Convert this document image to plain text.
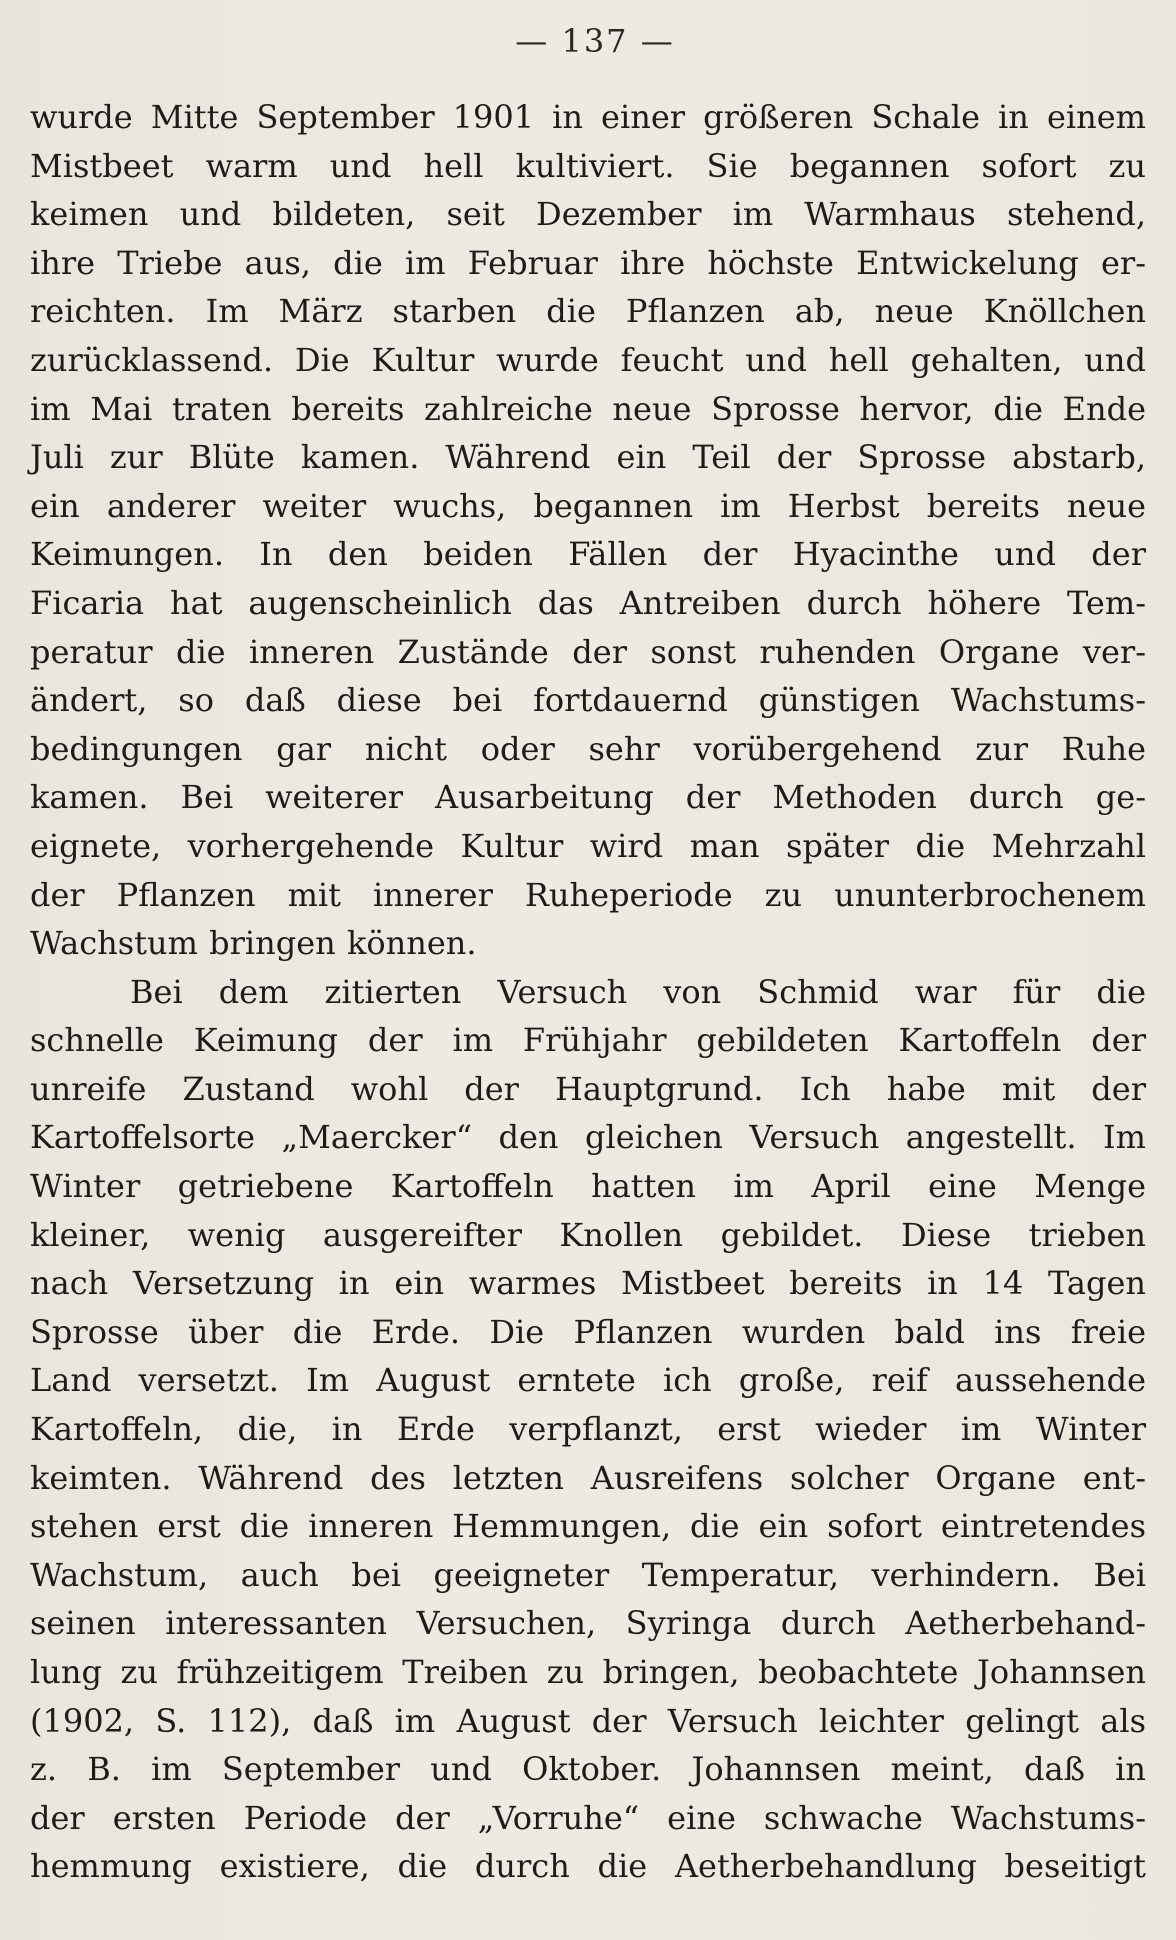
— 137 —
wurde Mitte September 1901 in einer größeren Schale in einem
Mistbeet warm und hell kultiviert. Sie begannen sofort zu
keimen und bildeten, seit Dezember im Warmhaus stehend,
ihre Triebe aus, die im Februar ihre höchste Entwickelung er-
reichten. Im März starben die Pflanzen ab, neue Knöllchen
zurücklassend. Die Kultur wurde feucht und hell gehalten, und
im Mai traten bereits zahlreiche neue Sprosse hervor, die Ende
Juli zur Blüte kamen. Während ein Teil der Sprosse abstarb,
ein anderer weiter wuchs, begannen im Herbst bereits neue
Keimungen. In den beiden Fällen der Hyacinthe und der
Ficaria hat augenscheinlich das Antreiben durch höhere Tem-
peratur die inneren Zustände der sonst ruhenden Organe ver-
ändert, so daß diese bei fortdauernd günstigen Wachstums-
bedingungen gar nicht oder sehr vorübergehend zur Ruhe
kamen. Bei weiterer Ausarbeitung der Methoden durch ge-
eignete, vorhergehende Kultur wird man später die Mehrzahl
der Pflanzen mit innerer Ruheperiode zu ununterbrochenem
Wachstum bringen können.
Bei dem zitierten Versuch von Schmid war für die
schnelle Keimung der im Frühjahr gebildeten Kartoffeln der
unreife Zustand wohl der Hauptgrund. Ich habe mit der
Kartoffelsorte „Maercker“ den gleichen Versuch angestellt. Im
Winter getriebene Kartoffeln hatten im April eine Menge
kleiner, wenig ausgereifter Knollen gebildet. Diese trieben
nach Versetzung in ein warmes Mistbeet bereits in 14 Tagen
Sprosse über die Erde. Die Pflanzen wurden bald ins freie
Land versetzt. Im August erntete ich große, reif aussehende
Kartoffeln, die, in Erde verpflanzt, erst wieder im Winter
keimten. Während des letzten Ausreifens solcher Organe ent-
stehen erst die inneren Hemmungen, die ein sofort eintretendes
Wachstum, auch bei geeigneter Temperatur, verhindern. Bei
seinen interessanten Versuchen, Syringa durch Aetherbehand-
lung zu frühzeitigem Treiben zu bringen, beobachtete Johannsen
(1902, S. 112), daß im August der Versuch leichter gelingt als
z. B. im September und Oktober. Johannsen meint, daß in
der ersten Periode der „Vorruhe“ eine schwache Wachstums-
hemmung existiere, die durch die Aetherbehandlung beseitigt
